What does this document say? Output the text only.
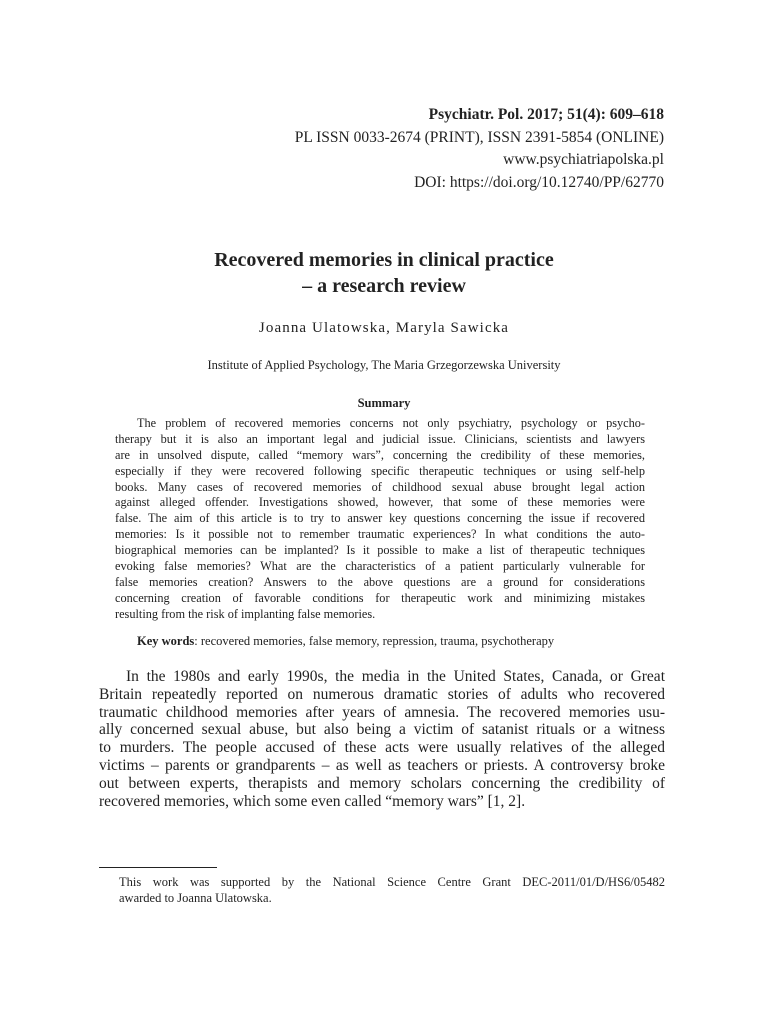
Psychiatr. Pol. 2017; 51(4): 609–618
PL ISSN 0033-2674 (PRINT), ISSN 2391-5854 (ONLINE)
www.psychiatriapolska.pl
DOI: https://doi.org/10.12740/PP/62770
Recovered memories in clinical practice
– a research review
Joanna Ulatowska, Maryla Sawicka
Institute of Applied Psychology, The Maria Grzegorzewska University
Summary
The problem of recovered memories concerns not only psychiatry, psychology or psycho-
therapy but it is also an important legal and judicial issue. Clinicians, scientists and lawyers
are in unsolved dispute, called “memory wars”, concerning the credibility of these memories,
especially if they were recovered following specific therapeutic techniques or using self-help
books. Many cases of recovered memories of childhood sexual abuse brought legal action
against alleged offender. Investigations showed, however, that some of these memories were
false. The aim of this article is to try to answer key questions concerning the issue if recovered
memories: Is it possible not to remember traumatic experiences? In what conditions the auto-
biographical memories can be implanted? Is it possible to make a list of therapeutic techniques
evoking false memories? What are the characteristics of a patient particularly vulnerable for
false memories creation? Answers to the above questions are a ground for considerations
concerning creation of favorable conditions for therapeutic work and minimizing mistakes
resulting from the risk of implanting false memories.
Key words: recovered memories, false memory, repression, trauma, psychotherapy
In the 1980s and early 1990s, the media in the United States, Canada, or Great
Britain repeatedly reported on numerous dramatic stories of adults who recovered
traumatic childhood memories after years of amnesia. The recovered memories usu-
ally concerned sexual abuse, but also being a victim of satanist rituals or a witness
to murders. The people accused of these acts were usually relatives of the alleged
victims – parents or grandparents – as well as teachers or priests. A controversy broke
out between experts, therapists and memory scholars concerning the credibility of
recovered memories, which some even called “memory wars” [1, 2].
This work was supported by the National Science Centre Grant DEC-2011/01/D/HS6/05482
awarded to Joanna Ulatowska.
